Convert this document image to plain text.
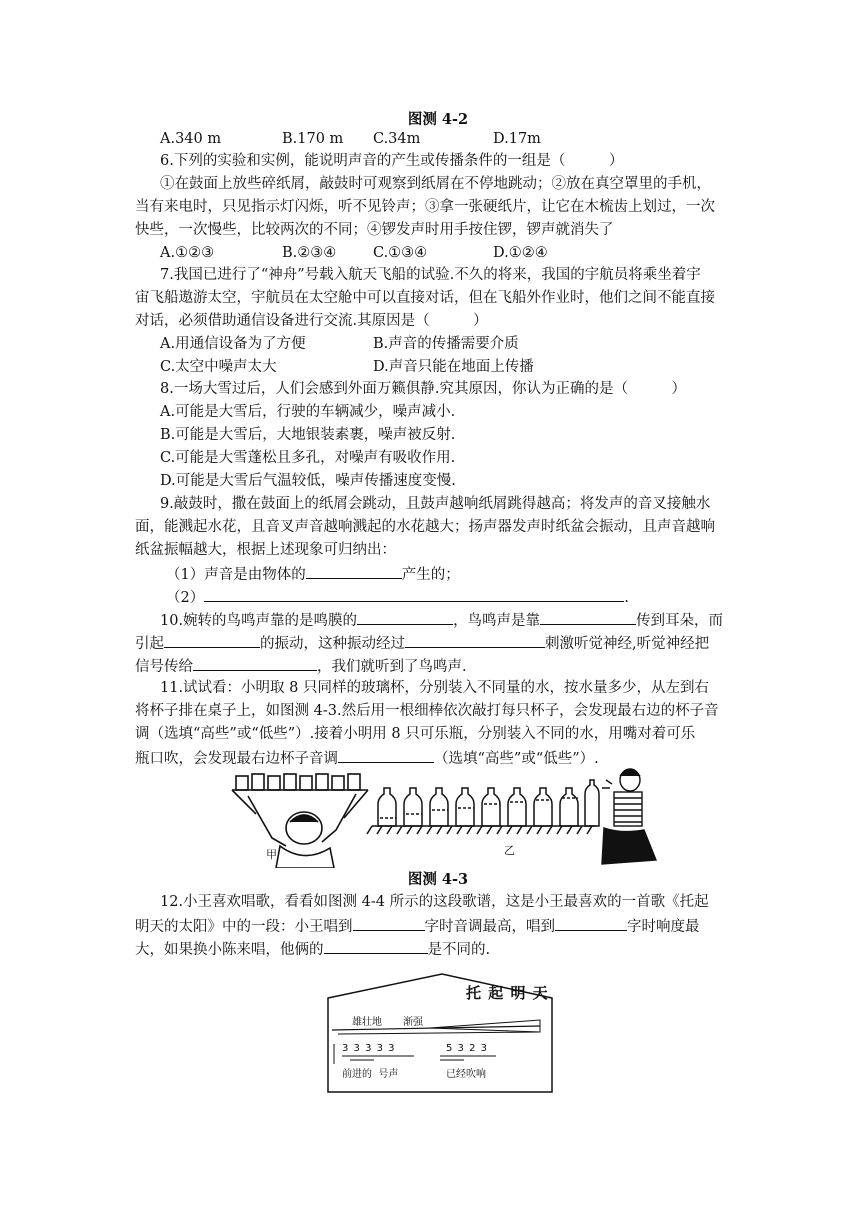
图测 4-2
A.340 m	B.170 m C.34m	D.17m
6.下列的实验和实例，能说明声音的产生或传播条件的一组是（　　　）
①在鼓面上放些碎纸屑，敲鼓时可观察到纸屑在不停地跳动；②放在真空罩里的手机，
当有来电时，只见指示灯闪烁，听不见铃声；③拿一张硬纸片，让它在木梳齿上划过，一次
快些，一次慢些，比较两次的不同；④锣发声时用手按住锣，锣声就消失了
A.①②③	B.②③④	C.①③④	D.①②④
7.我国已进行了“神舟”号载入航天飞船的试验.不久的将来，我国的宇航员将乘坐着宇
宙飞船遨游太空，宇航员在太空舱中可以直接对话，但在飞船外作业时，他们之间不能直接
对话，必须借助通信设备进行交流.其原因是（　　　）
A.用通信设备为了方便	B.声音的传播需要介质
C.太空中噪声太大	D.声音只能在地面上传播
8.一场大雪过后，人们会感到外面万籁俱静.究其原因，你认为正确的是（　　　）
A.可能是大雪后，行驶的车辆减少，噪声减小.
B.可能是大雪后，大地银装素裹，噪声被反射.
C.可能是大雪蓬松且多孔，对噪声有吸收作用.
D.可能是大雪后气温较低，噪声传播速度变慢.
9.敲鼓时，撒在鼓面上的纸屑会跳动，且鼓声越响纸屑跳得越高；将发声的音叉接触水
面，能溅起水花，且音叉声音越响溅起的水花越大；扬声器发声时纸盆会振动，且声音越响
纸盆振幅越大，根据上述现象可归纳出：
（1）声音是由物体的	产生的；
（2）	.
10.婉转的鸟鸣声靠的是鸣膜的	，鸟鸣声是靠	传到耳朵，而
引起	的振动，这种振动经过	刺激听觉神经,听觉神经把
信号传给	，我们就听到了鸟鸣声.
11.试试看：小明取 8 只同样的玻璃杯，分别装入不同量的水，按水量多少，从左到右
将杯子排在桌子上，如图测 4-3.然后用一根细棒依次敲打每只杯子，会发现最右边的杯子音
调（选填“高些”或“低些”）.接着小明用 8 只可乐瓶，分别装入不同的水，用嘴对着可乐
瓶口吹，会发现最右边杯子音调	（选填“高些”或“低些”）.
甲	乙
图测 4-3
12.小王喜欢唱歌，看看如图测 4-4 所示的这段歌谱，这是小王最喜欢的一首歌《托起
明天的太阳》中的一段：小王唱到	字时音调最高，唱到	字时响度最
大，如果换小陈来唱，他俩的	是不同的.
托 起 明 天
雄壮地 渐强
3 3 3 3 3	5 3 2 3
前进的  号声	已经吹响
